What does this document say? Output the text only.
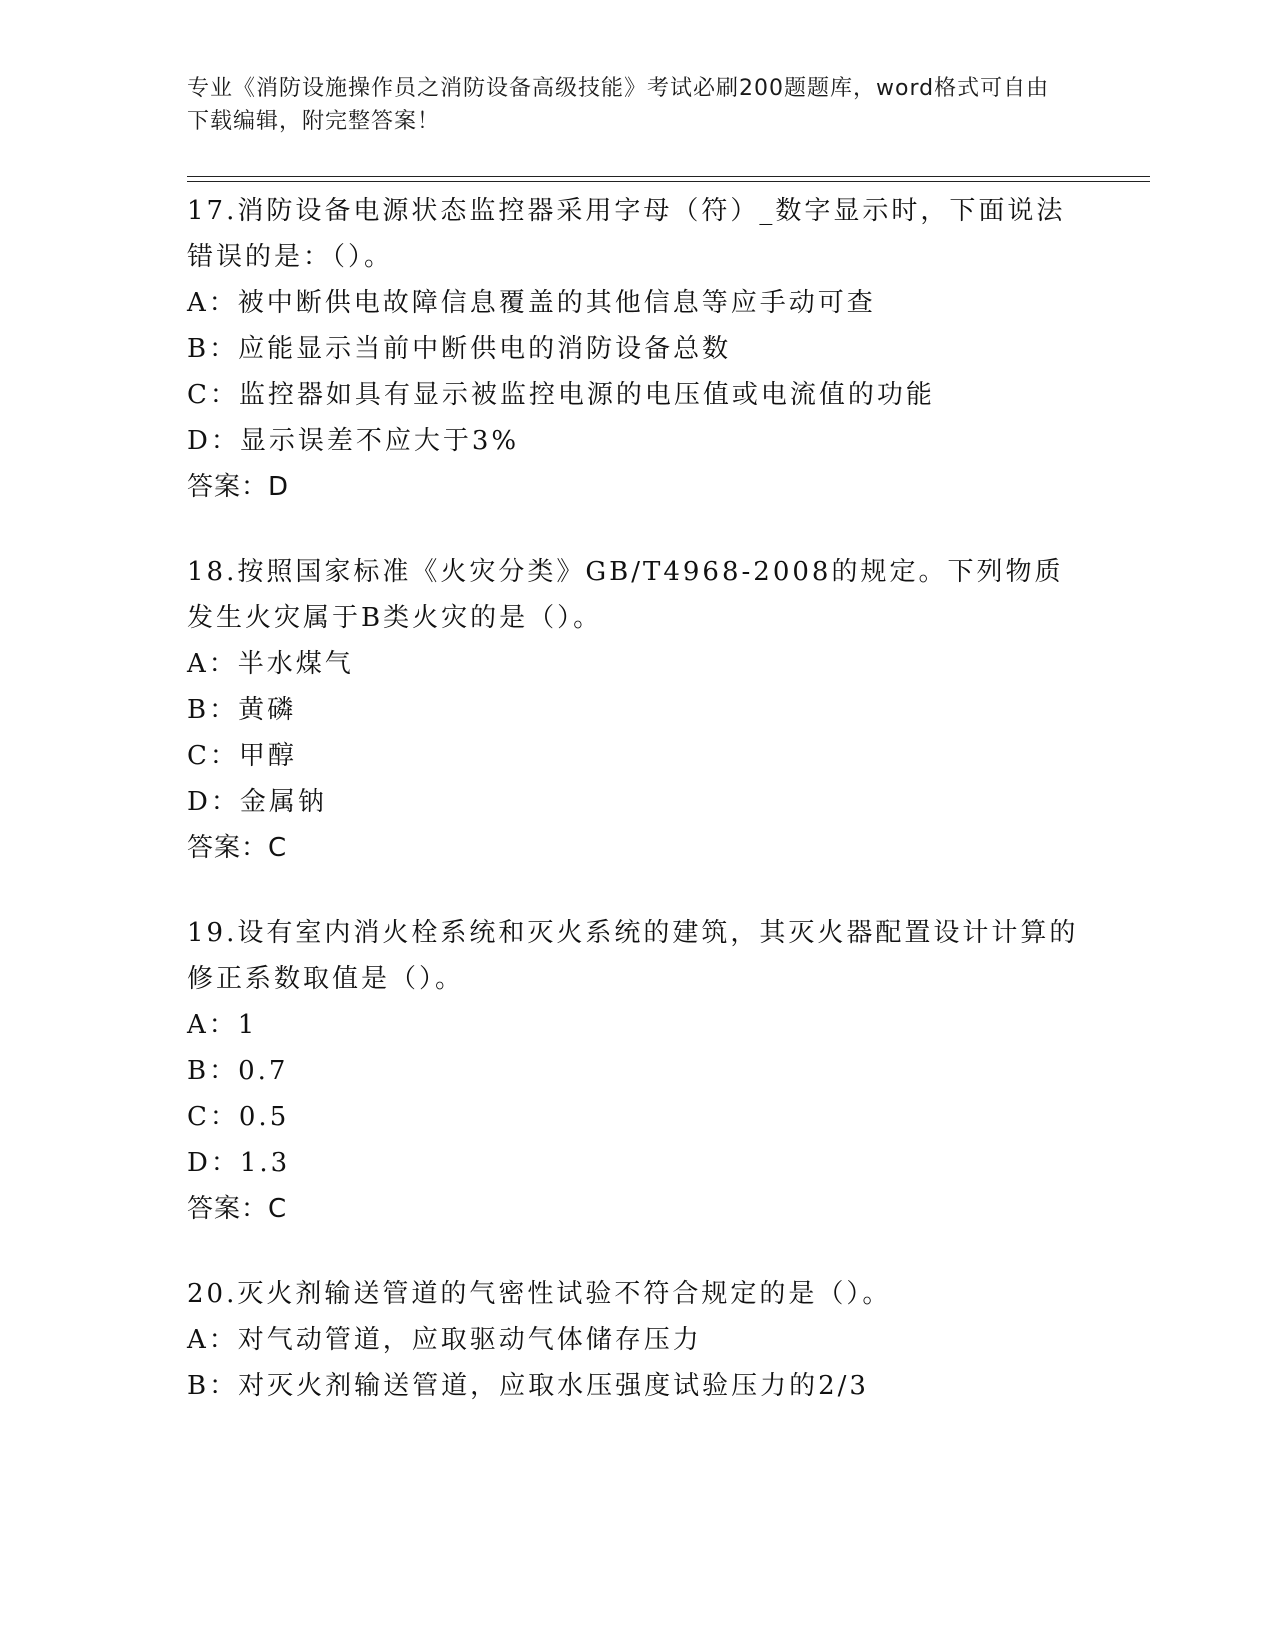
专业《消防设施操作员之消防设备高级技能》考试必刷200题题库，word格式可自由下载编辑，附完整答案！

17.消防设备电源状态监控器采用字母（符）_数字显示时，下面说法错误的是：（）。

A：被中断供电故障信息覆盖的其他信息等应手动可查

B：应能显示当前中断供电的消防设备总数

C：监控器如具有显示被监控电源的电压值或电流值的功能

D：显示误差不应大于3%

答案：D

18.按照国家标准《火灾分类》GB/T4968-2008的规定。下列物质发生火灾属于B类火灾的是（）。

A：半水煤气

B：黄磷

C：甲醇

D：金属钠

答案：C

19.设有室内消火栓系统和灭火系统的建筑，其灭火器配置设计计算的修正系数取值是（）。

A：1

B：0.7

C：0.5

D：1.3

答案：C

20.灭火剂输送管道的气密性试验不符合规定的是（）。

A：对气动管道，应取驱动气体储存压力

B：对灭火剂输送管道，应取水压强度试验压力的2/3
